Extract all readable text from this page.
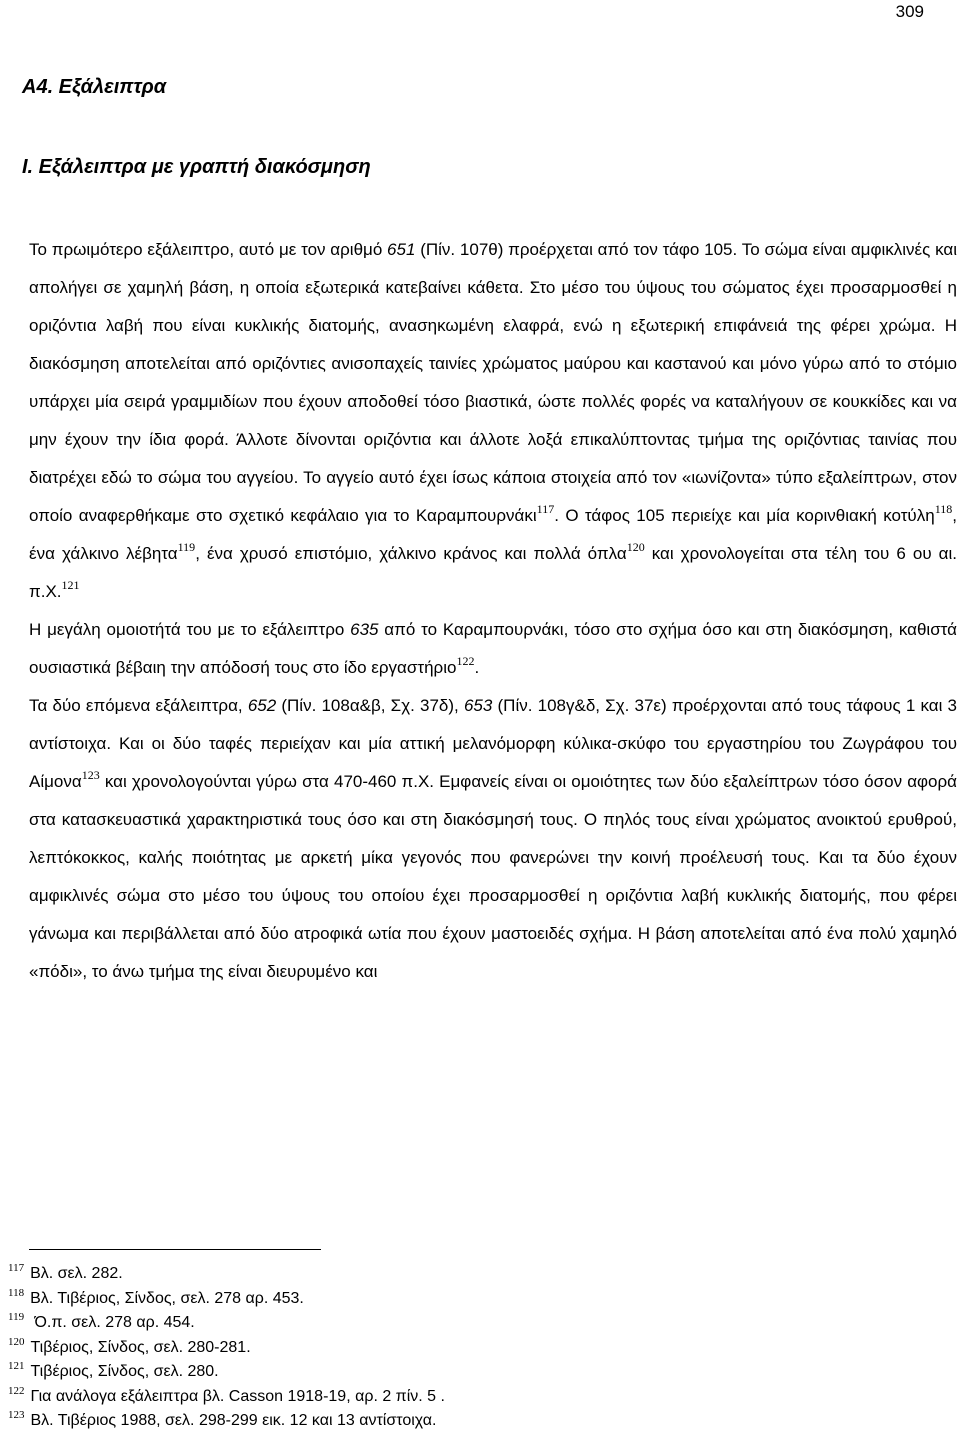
309
Α4. Εξάλειπτρα
Ι. Εξάλειπτρα με γραπτή διακόσμηση

Το πρωιμότερο εξάλειπτρο, αυτό με τον αριθμό 651 (Πίν. 107θ) προέρχεται από τον τάφο 105. Το σώμα είναι αμφικλινές και απολήγει σε χαμηλή βάση, η οποία εξωτερικά κατεβαίνει κάθετα. Στο μέσο του ύψους του σώματος έχει προσαρμοσθεί η οριζόντια λαβή που είναι κυκλικής διατομής, ανασηκωμένη ελαφρά, ενώ η εξωτερική επιφάνειά της φέρει χρώμα. Η διακόσμηση αποτελείται από οριζόντιες ανισοπαχείς ταινίες χρώματος μαύρου και καστανού και μόνο γύρω από το στόμιο υπάρχει μία σειρά γραμμιδίων που έχουν αποδοθεί τόσο βιαστικά, ώστε πολλές φορές να καταλήγουν σε κουκκίδες και να μην έχουν την ίδια φορά. Άλλοτε δίνονται οριζόντια και άλλοτε λοξά επικαλύπτοντας τμήμα της οριζόντιας ταινίας που διατρέχει εδώ το σώμα του αγγείου. Το αγγείο αυτό έχει ίσως κάποια στοιχεία από τον «ιωνίζοντα» τύπο εξαλείπτρων, στον οποίο αναφερθήκαμε στο σχετικό κεφάλαιο για το Καραμπουρνάκι$^{117}$. Ο τάφος 105 περιείχε και μία κορινθιακή κοτύλη$^{118}$, ένα χάλκινο λέβητα$^{119}$, ένα χρυσό επιστόμιο, χάλκινο κράνος και πολλά όπλα$^{120}$ και χρονολογείται στα τέλη του 6 ου αι. π.Χ.$^{121}$

Η μεγάλη ομοιοτήτά του με το εξάλειπτρο 635 από το Καραμπουρνάκι, τόσο στο σχήμα όσο και στη διακόσμηση, καθιστά ουσιαστικά βέβαιη την απόδοσή τους στο ίδο εργαστήριο$^{122}$.

Τα δύο επόμενα εξάλειπτρα, 652 (Πίν. 108α&β, Σχ. 37δ), 653 (Πίν. 108γ&δ, Σχ. 37ε) προέρχονται από τους τάφους 1 και 3 αντίστοιχα. Και οι δύο ταφές περιείχαν και μία αττική μελανόμορφη κύλικα-σκύφο του εργαστηρίου του Ζωγράφου του Αίμονα$^{123}$ και χρονολογούνται γύρω στα 470-460 π.Χ. Εμφανείς είναι οι ομοιότητες των δύο εξαλείπτρων τόσο όσον αφορά στα κατασκευαστικά χαρακτηριστικά τους όσο και στη διακόσμησή τους. Ο πηλός τους είναι χρώματος ανοικτού ερυθρού, λεπτόκοκκος, καλής ποιότητας με αρκετή μίκα γεγονός που φανερώνει την κοινή προέλευσή τους. Και τα δύο έχουν αμφικλινές σώμα στο μέσο του ύψους του οποίου έχει προσαρμοσθεί η οριζόντια λαβή κυκλικής διατομής, που φέρει γάνωμα και περιβάλλεται από δύο ατροφικά ωτία που έχουν μαστοειδές σχήμα. Η βάση αποτελείται από ένα πολύ χαμηλό «πόδι», το άνω τμήμα της είναι διευρυμένο και

$^{117}$ Βλ. σελ. 282.
$^{118}$ Βλ. Τιβέριος, Σίνδος, σελ. 278 αρ. 453.
$^{119}$ Ό.π. σελ. 278 αρ. 454.
$^{120}$ Τιβέριος, Σίνδος, σελ. 280-281.
$^{121}$ Τιβέριος, Σίνδος, σελ. 280.
$^{122}$ Για ανάλογα εξάλειπτρα βλ. Casson 1918-19, αρ. 2 πίν. 5 .
$^{123}$ Βλ. Τιβέριος 1988, σελ. 298-299 εικ. 12 και 13 αντίστοιχα.
